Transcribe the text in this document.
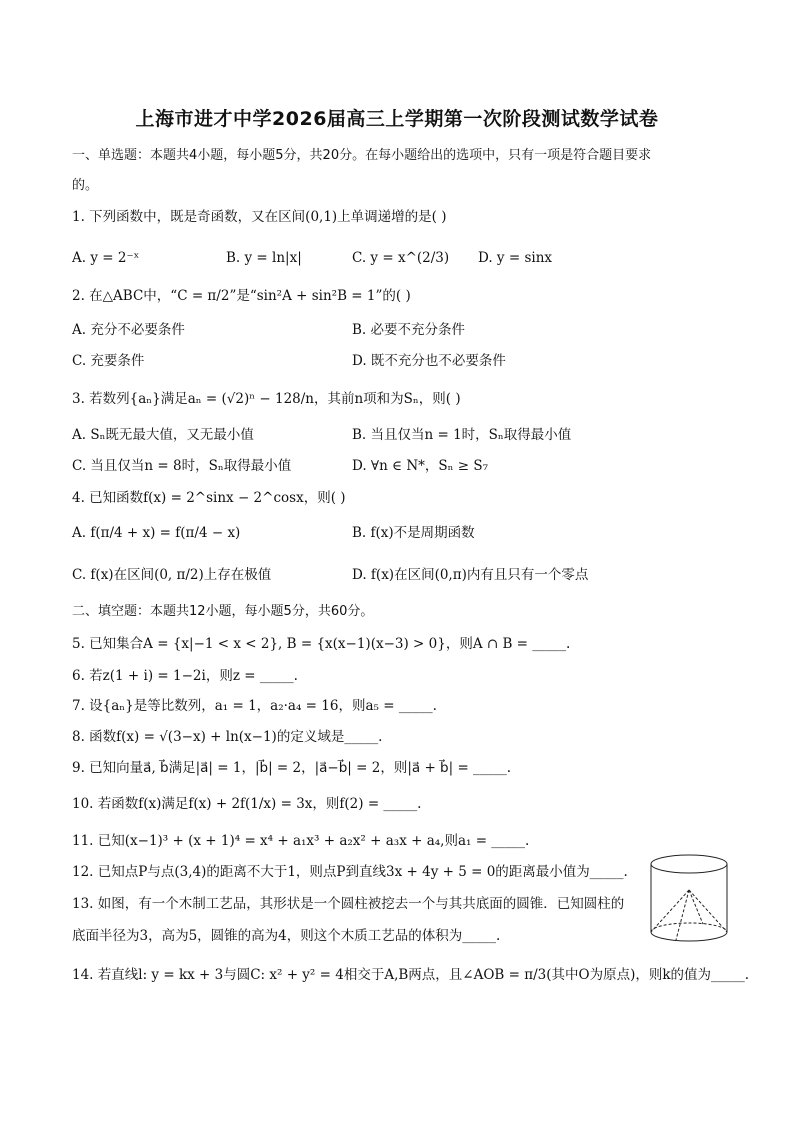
上海市进才中学2026届高三上学期第一次阶段测试数学试卷
一、单选题：本题共4小题，每小题5分，共20分。在每小题给出的选项中，只有一项是符合题目要求
的。
1. 下列函数中，既是奇函数，又在区间(0,1)上单调递增的是( )
A. y = 2⁻ˣ	B. y = ln|x|	C. y = x^(2/3) D. y = sinx
2. 在△ABC中，“C = π/2”是“sin²A + sin²B = 1”的( )
A. 充分不必要条件	B. 必要不充分条件
C. 充要条件	D. 既不充分也不必要条件
3. 若数列{aₙ}满足aₙ = (√2)ⁿ − 128/n，其前n项和为Sₙ，则( )
A. Sₙ既无最大值，又无最小值	B. 当且仅当n = 1时，Sₙ取得最小值
C. 当且仅当n = 8时，Sₙ取得最小值	D. ∀n ∈ N*，Sₙ ≥ S₇
4. 已知函数f(x) = 2^sinx − 2^cosx，则( )
A. f(π/4 + x) = f(π/4 − x)	B. f(x)不是周期函数
C. f(x)在区间(0, π/2)上存在极值	D. f(x)在区间(0,π)内有且只有一个零点
二、填空题：本题共12小题，每小题5分，共60分。
5. 已知集合A = {x|−1 < x < 2}, B = {x(x−1)(x−3) > 0}，则A ∩ B = _____.
6. 若z(1 + i) = 1−2i，则z = _____.
7. 设{aₙ}是等比数列，a₁ = 1，a₂·a₄ = 16，则a₅ = _____.
8. 函数f(x) = √(3−x) + ln(x−1)的定义域是_____.
9. 已知向量a⃗, b⃗满足|a⃗| = 1，|b⃗| = 2，|a⃗−b⃗| = 2，则|a⃗ + b⃗| = _____.
10. 若函数f(x)满足f(x) + 2f(1/x) = 3x，则f(2) = _____.
11. 已知(x−1)³ + (x + 1)⁴ = x⁴ + a₁x³ + a₂x² + a₃x + a₄,则a₁ = _____.
12. 已知点P与点(3,4)的距离不大于1，则点P到直线3x + 4y + 5 = 0的距离最小值为_____.
13. 如图，有一个木制工艺品，其形状是一个圆柱被挖去一个与其共底面的圆锥．已知圆柱的
底面半径为3，高为5，圆锥的高为4，则这个木质工艺品的体积为_____.
14. 若直线l: y = kx + 3与圆C: x² + y² = 4相交于A,B两点，且∠AOB = π/3(其中O为原点)，则k的值为_____.
